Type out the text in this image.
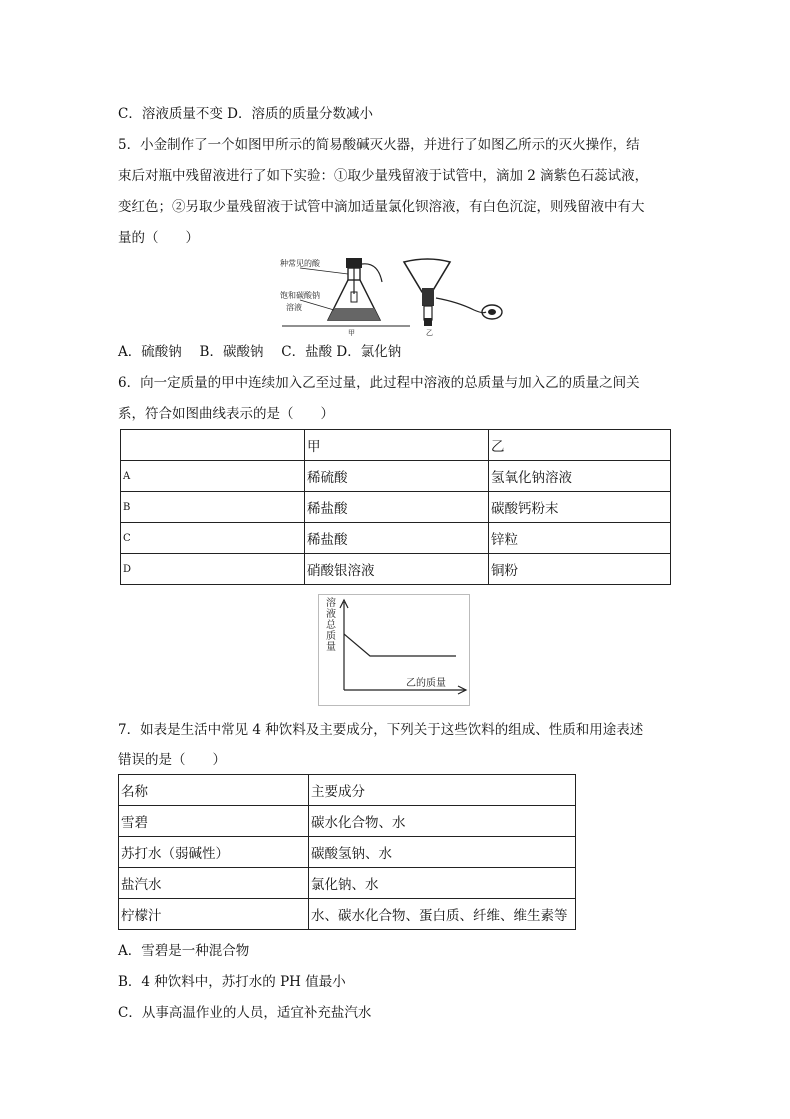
C．溶液质量不变 D．溶质的质量分数减小
5．小金制作了一个如图甲所示的简易酸碱灭火器，并进行了如图乙所示的灭火操作，结
束后对瓶中残留液进行了如下实验：①取少量残留液于试管中，滴加 2 滴紫色石蕊试液，
变红色；②另取少量残留液于试管中滴加适量氯化钡溶液，有白色沉淀，则残留液中有大
量的（　　）
种常见的酸
饱和碳酸钠
溶液
甲	乙
A．硫酸钠　 B．碳酸钠　 C．盐酸 D．氯化钠
6．向一定质量的甲中连续加入乙至过量，此过程中溶液的总质量与加入乙的质量之间关
系，符合如图曲线表示的是（　　）
	甲	乙
A	稀硫酸	氢氧化钠溶液
B	稀盐酸	碳酸钙粉末
C	稀盐酸	锌粒
D	硝酸银溶液	铜粉
溶
液
总
质
量
乙的质量
7．如表是生活中常见 4 种饮料及主要成分，下列关于这些饮料的组成、性质和用途表述
错误的是（　　）
名称	主要成分
雪碧	碳水化合物、水
苏打水（弱碱性）	碳酸氢钠、水
盐汽水	氯化钠、水
柠檬汁	水、碳水化合物、蛋白质、纤维、维生素等
A．雪碧是一种混合物
B．4 种饮料中，苏打水的 PH 值最小
C．从事高温作业的人员，适宜补充盐汽水
